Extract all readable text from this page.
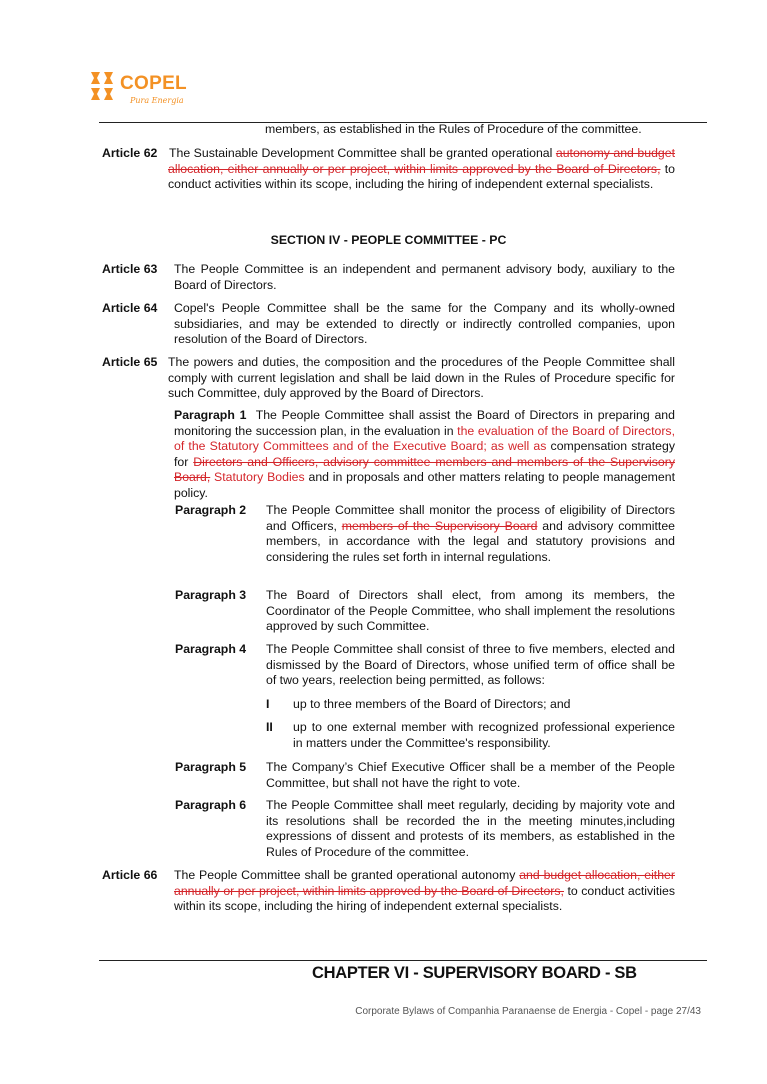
COPEL
Pura Energia
members, as established in the Rules of Procedure of the committee.
Article 62 The Sustainable Development Committee shall be granted operational autonomy and budget allocation, either annually or per project, within limits approved by the Board of Directors, to conduct activities within its scope, including the hiring of independent external specialists.
SECTION IV - PEOPLE COMMITTEE - PC
Article 63 The People Committee is an independent and permanent advisory body, auxiliary to the Board of Directors.
Article 64 Copel's People Committee shall be the same for the Company and its wholly-owned subsidiaries, and may be extended to directly or indirectly controlled companies, upon resolution of the Board of Directors.
Article 65 The powers and duties, the composition and the procedures of the People Committee shall comply with current legislation and shall be laid down in the Rules of Procedure specific for such Committee, duly approved by the Board of Directors.
Paragraph 1 The People Committee shall assist the Board of Directors in preparing and monitoring the succession plan, in the evaluation in the evaluation of the Board of Directors, of the Statutory Committees and of the Executive Board; as well as compensation strategy for Directors and Officers, advisory committee members and members of the Supervisory Board, Statutory Bodies and in proposals and other matters relating to people management policy.
Paragraph 2 The People Committee shall monitor the process of eligibility of Directors and Officers, members of the Supervisory Board and advisory committee members, in accordance with the legal and statutory provisions and considering the rules set forth in internal regulations.
Paragraph 3 The Board of Directors shall elect, from among its members, the Coordinator of the People Committee, who shall implement the resolutions approved by such Committee.
Paragraph 4 The People Committee shall consist of three to five members, elected and dismissed by the Board of Directors, whose unified term of office shall be of two years, reelection being permitted, as follows:
I up to three members of the Board of Directors; and
II up to one external member with recognized professional experience in matters under the Committee's responsibility.
Paragraph 5 The Company’s Chief Executive Officer shall be a member of the People Committee, but shall not have the right to vote.
Paragraph 6 The People Committee shall meet regularly, deciding by majority vote and its resolutions shall be recorded the in the meeting minutes,including expressions of dissent and protests of its members, as established in the Rules of Procedure of the committee.
Article 66 The People Committee shall be granted operational autonomy and budget allocation, either annually or per project, within limits approved by the Board of Directors, to conduct activities within its scope, including the hiring of independent external specialists.
CHAPTER VI - SUPERVISORY BOARD - SB
Corporate Bylaws of Companhia Paranaense de Energia - Copel - page 27/43
